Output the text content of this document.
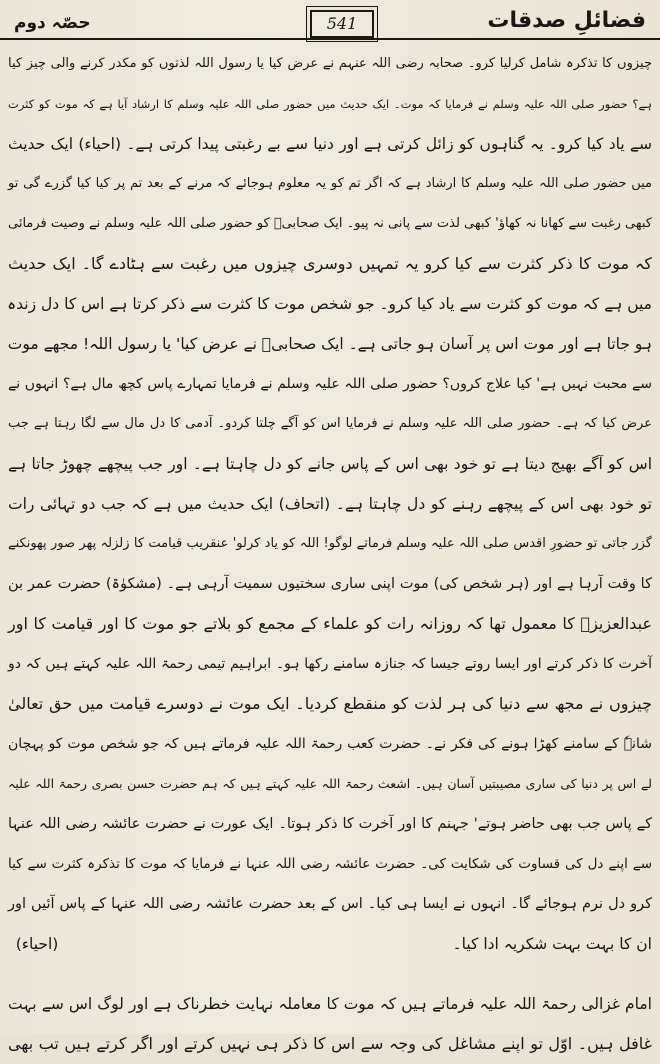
فضائلِ صدقات
541
حصّہ دوم
چیزوں کا تذکرہ شامل کرلیا کرو۔ صحابہ رضی اللہ عنہم نے عرض کیا یا رسول اللہ لذتوں کو مکدر کرنے والی چیز کیا
ہے؟ حضور صلی اللہ علیہ وسلم نے فرمایا کہ موت۔ ایک حدیث میں حضور صلی اللہ علیہ وسلم کا ارشاد آیا ہے کہ موت کو کثرت
سے یاد کیا کرو۔ یہ گناہوں کو زائل کرتی ہے اور دنیا سے بے رغبتی پیدا کرتی ہے۔ (احیاء) ایک حدیث
میں حضور صلی اللہ علیہ وسلم کا ارشاد ہے کہ اگر تم کو یہ معلوم ہوجائے کہ مرنے کے بعد تم پر کیا کیا گزرے گی تو
کبھی رغبت سے کھانا نہ کھاؤ' کبھی لذت سے پانی نہ پیو۔ ایک صحابیؓ کو حضور صلی اللہ علیہ وسلم نے وصیت فرمائی
کہ موت کا ذکر کثرت سے کیا کرو یہ تمہیں دوسری چیزوں میں رغبت سے ہٹادے گا۔ ایک حدیث
میں ہے کہ موت کو کثرت سے یاد کیا کرو۔ جو شخص موت کا کثرت سے ذکر کرتا ہے اس کا دل زندہ
ہو جاتا ہے اور موت اس پر آسان ہو جاتی ہے۔ ایک صحابیؓ نے عرض کیا' یا رسول اللہ! مجھے موت
سے محبت نہیں ہے' کیا علاج کروں؟ حضور صلی اللہ علیہ وسلم نے فرمایا تمہارے پاس کچھ مال ہے؟ انہوں نے
عرض کیا کہ ہے۔ حضور صلی اللہ علیہ وسلم نے فرمایا اس کو آگے چلتا کردو۔ آدمی کا دل مال سے لگا رہتا ہے جب
اس کو آگے بھیج دیتا ہے تو خود بھی اس کے پاس جانے کو دل چاہتا ہے۔ اور جب پیچھے چھوڑ جاتا ہے
تو خود بھی اس کے پیچھے رہنے کو دل چاہتا ہے۔ (اتحاف) ایک حدیث میں ہے کہ جب دو تہائی رات
گزر جاتی تو حضورِ اقدس صلی اللہ علیہ وسلم فرماتے لوگو! اللہ کو یاد کرلو' عنقریب قیامت کا زلزلہ پھر صور پھونکنے
کا وقت آرہا ہے اور (ہر شخص کی) موت اپنی ساری سختیوں سمیت آرہی ہے۔ (مشکوٰۃ) حضرت عمر بن
عبدالعزیزؒ کا معمول تھا کہ روزانہ رات کو علماء کے مجمع کو بلاتے جو موت کا اور قیامت کا اور
آخرت کا ذکر کرتے اور ایسا روتے جیسا کہ جنازہ سامنے رکھا ہو۔ ابراہیم تیمی رحمۃ اللہ علیہ کہتے ہیں کہ دو
چیزوں نے مجھ سے دنیا کی ہر لذت کو منقطع کردیا۔ ایک موت نے دوسرے قیامت میں حق تعالیٰ
شانہٗ کے سامنے کھڑا ہونے کی فکر نے۔ حضرت کعب رحمۃ اللہ علیہ فرماتے ہیں کہ جو شخص موت کو پہچان
لے اس پر دنیا کی ساری مصیبتیں آسان ہیں۔ اشعث رحمۃ اللہ علیہ کہتے ہیں کہ ہم حضرت حسن بصری رحمۃ اللہ علیہ
کے پاس جب بھی حاضر ہوتے' جہنم کا اور آخرت کا ذکر ہوتا۔ ایک عورت نے حضرت عائشہ رضی اللہ عنہا
سے اپنے دل کی قساوت کی شکایت کی۔ حضرت عائشہ رضی اللہ عنہا نے فرمایا کہ موت کا تذکرہ کثرت سے کیا
کرو دل نرم ہوجائے گا۔ انہوں نے ایسا ہی کیا۔ اس کے بعد حضرت عائشہ رضی اللہ عنہا کے پاس آئیں اور
ان کا بہت بہت شکریہ ادا کیا۔                                                                                (احیاء)
امام غزالی رحمۃ اللہ علیہ فرماتے ہیں کہ موت کا معاملہ نہایت خطرناک ہے اور لوگ اس سے بہت
غافل ہیں۔ اوّل تو اپنے مشاغل کی وجہ سے اس کا ذکر ہی نہیں کرتے اور اگر کرتے ہیں تب بھی
